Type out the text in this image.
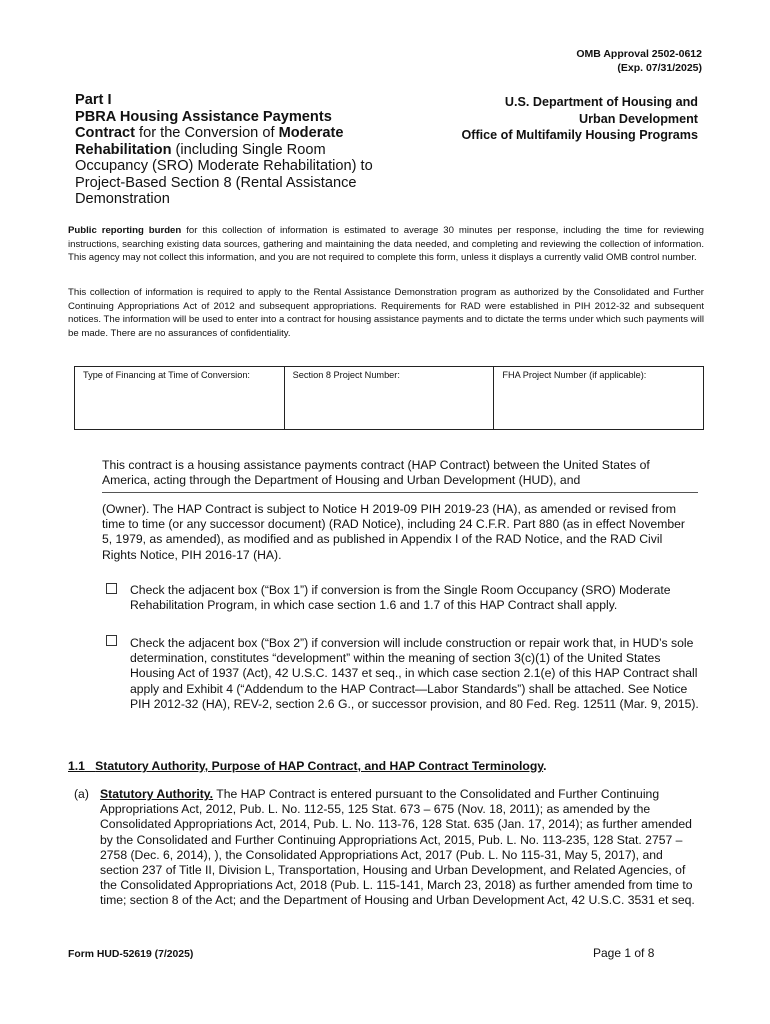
OMB Approval 2502-0612
(Exp. 07/31/2025)
Part I
PBRA Housing Assistance Payments Contract for the Conversion of Moderate Rehabilitation (including Single Room Occupancy (SRO) Moderate Rehabilitation) to Project-Based Section 8 (Rental Assistance Demonstration
U.S. Department of Housing and
Urban Development
Office of Multifamily Housing Programs
Public reporting burden for this collection of information is estimated to average 30 minutes per response, including the time for reviewing instructions, searching existing data sources, gathering and maintaining the data needed, and completing and reviewing the collection of information. This agency may not collect this information, and you are not required to complete this form, unless it displays a currently valid OMB control number.
This collection of information is required to apply to the Rental Assistance Demonstration program as authorized by the Consolidated and Further Continuing Appropriations Act of 2012 and subsequent appropriations. Requirements for RAD were established in PIH 2012-32 and subsequent notices. The information will be used to enter into a contract for housing assistance payments and to dictate the terms under which such payments will be made. There are no assurances of confidentiality.
Type of Financing at Time of Conversion:	Section 8 Project Number:	FHA Project Number (if applicable):
This contract is a housing assistance payments contract (HAP Contract) between the United States of America, acting through the Department of Housing and Urban Development (HUD), and
(Owner). The HAP Contract is subject to Notice H 2019-09 PIH 2019-23 (HA), as amended or revised from time to time (or any successor document) (RAD Notice), including 24 C.F.R. Part 880 (as in effect November 5, 1979, as amended), as modified and as published in Appendix I of the RAD Notice, and the RAD Civil Rights Notice, PIH 2016-17 (HA).
Check the adjacent box (“Box 1”) if conversion is from the Single Room Occupancy (SRO) Moderate Rehabilitation Program, in which case section 1.6 and 1.7 of this HAP Contract shall apply.
Check the adjacent box (“Box 2”) if conversion will include construction or repair work that, in HUD’s sole determination, constitutes “development” within the meaning of section 3(c)(1) of the United States Housing Act of 1937 (Act), 42 U.S.C. 1437 et seq., in which case section 2.1(e) of this HAP Contract shall apply and Exhibit 4 (“Addendum to the HAP Contract—Labor Standards”) shall be attached. See Notice PIH 2012-32 (HA), REV-2, section 2.6 G., or successor provision, and 80 Fed. Reg. 12511 (Mar. 9, 2015).
1.1 Statutory Authority, Purpose of HAP Contract, and HAP Contract Terminology.
(a) Statutory Authority. The HAP Contract is entered pursuant to the Consolidated and Further Continuing Appropriations Act, 2012, Pub. L. No. 112-55, 125 Stat. 673 – 675 (Nov. 18, 2011); as amended by the Consolidated Appropriations Act, 2014, Pub. L. No. 113-76, 128 Stat. 635 (Jan. 17, 2014); as further amended by the Consolidated and Further Continuing Appropriations Act, 2015, Pub. L. No. 113-235, 128 Stat. 2757 – 2758 (Dec. 6, 2014), ), the Consolidated Appropriations Act, 2017 (Pub. L. No 115-31, May 5, 2017), and section 237 of Title II, Division L, Transportation, Housing and Urban Development, and Related Agencies, of the Consolidated Appropriations Act, 2018 (Pub. L. 115-141, March 23, 2018) as further amended from time to time; section 8 of the Act; and the Department of Housing and Urban Development Act, 42 U.S.C. 3531 et seq.
Form HUD-52619 (7/2025)	Page 1 of 8
